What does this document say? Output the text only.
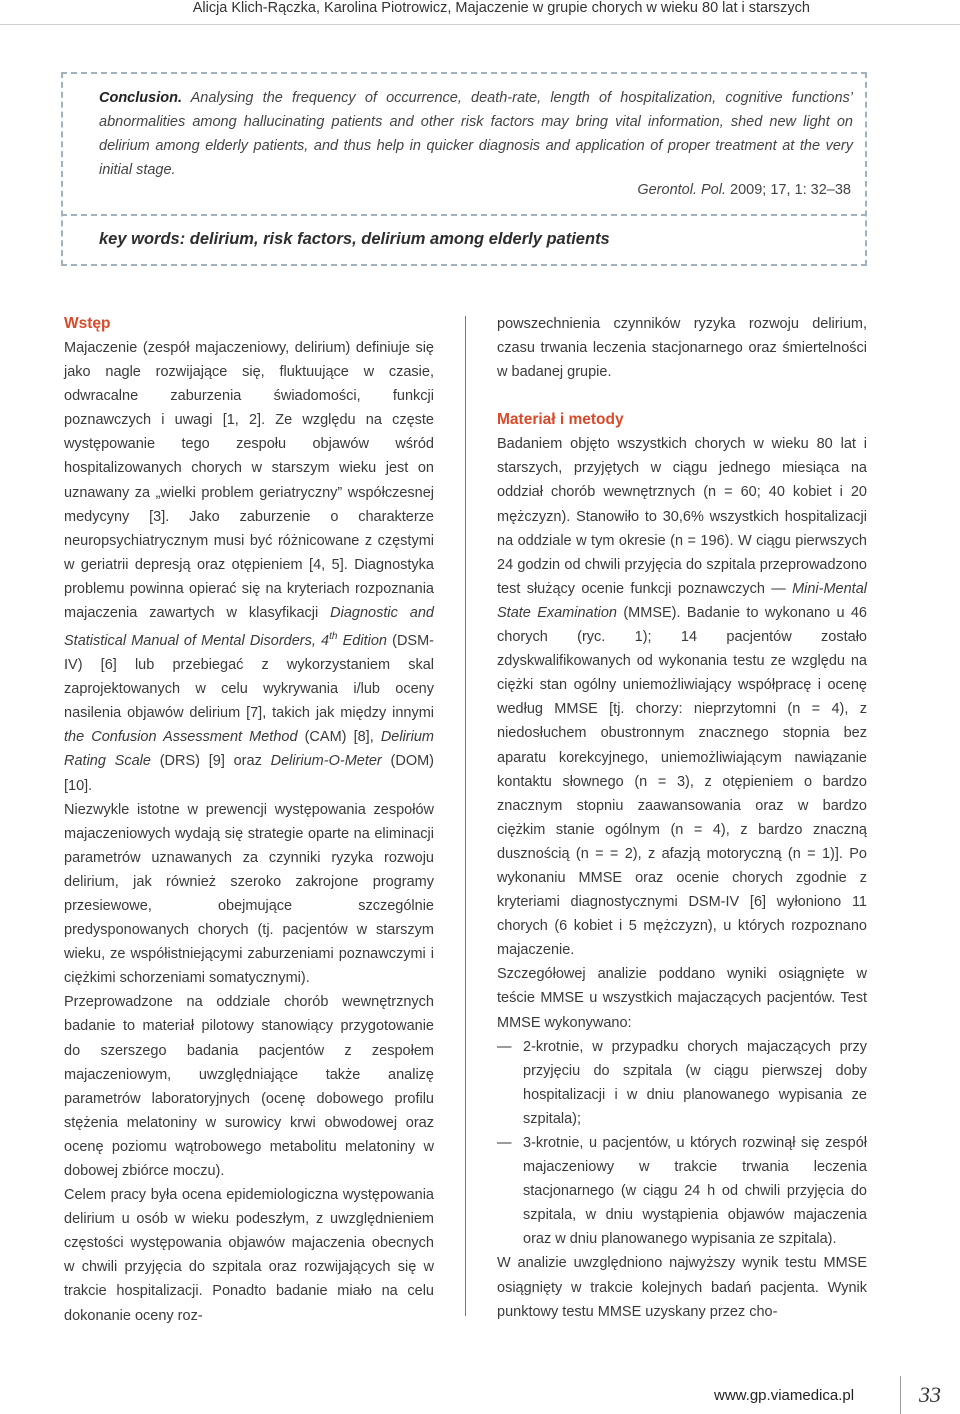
Alicja Klich-Rączka, Karolina Piotrowicz, Majaczenie w grupie chorych w wieku 80 lat i starszych
Conclusion. Analysing the frequency of occurrence, death-rate, length of hospitalization, cognitive functions’ abnormalities among hallucinating patients and other risk factors may bring vital information, shed new light on delirium among elderly patients, and thus help in quicker diagnosis and application of proper treatment at the very initial stage.
Gerontol. Pol. 2009; 17, 1: 32–38
key words: delirium, risk factors, delirium among elderly patients
Wstęp

Majaczenie (zespół majaczeniowy, delirium) definiuje się jako nagle rozwijające się, fluktuujące w czasie, odwracalne zaburzenia świadomości, funkcji poznawczych i uwagi [1, 2]. Ze względu na częste występowanie tego zespołu objawów wśród hospitalizowanych chorych w starszym wieku jest on uznawany za „wielki problem geriatryczny” współczesnej medycyny [3]. Jako zaburzenie o charakterze neuropsychiatrycznym musi być różnicowane z częstymi w geriatrii depresją oraz otępieniem [4, 5]. Diagnostyka problemu powinna opierać się na kryteriach rozpoznania majaczenia zawartych w klasyfikacji Diagnostic and Statistical Manual of Mental Disorders, 4th Edition (DSM-IV) [6] lub przebiegać z wykorzystaniem skal zaprojektowanych w celu wykrywania i/lub oceny nasilenia objawów delirium [7], takich jak między innymi the Confusion Assessment Method (CAM) [8], Delirium Rating Scale (DRS) [9] oraz Delirium-O-Meter (DOM) [10].

Niezwykle istotne w prewencji występowania zespołów majaczeniowych wydają się strategie oparte na eliminacji parametrów uznawanych za czynniki ryzyka rozwoju delirium, jak również szeroko zakrojone programy przesiewowe, obejmujące szczególnie predysponowanych chorych (tj. pacjentów w starszym wieku, ze współistniejącymi zaburzeniami poznawczymi i ciężkimi schorzeniami somatycznymi).

Przeprowadzone na oddziale chorób wewnętrznych badanie to materiał pilotowy stanowiący przygotowanie do szerszego badania pacjentów z zespołem majaczeniowym, uwzględniające także analizę parametrów laboratoryjnych (ocenę dobowego profilu stężenia melatoniny w surowicy krwi obwodowej oraz ocenę poziomu wątrobowego metabolitu melatoniny w dobowej zbiórce moczu).

Celem pracy była ocena epidemiologiczna występowania delirium u osób w wieku podeszłym, z uwzględnieniem częstości występowania objawów majaczenia obecnych w chwili przyjęcia do szpitala oraz rozwijających się w trakcie hospitalizacji. Ponadto badanie miało na celu dokonanie oceny roz-

powszechnienia czynników ryzyka rozwoju delirium, czasu trwania leczenia stacjonarnego oraz śmiertelności w badanej grupie.

Materiał i metody

Badaniem objęto wszystkich chorych w wieku 80 lat i starszych, przyjętych w ciągu jednego miesiąca na oddział chorób wewnętrznych (n = 60; 40 kobiet i 20 mężczyzn). Stanowiło to 30,6% wszystkich hospitalizacji na oddziale w tym okresie (n = 196). W ciągu pierwszych 24 godzin od chwili przyjęcia do szpitala przeprowadzono test służący ocenie funkcji poznawczych — Mini-Mental State Examination (MMSE). Badanie to wykonano u 46 chorych (ryc. 1); 14 pacjentów zostało zdyskwalifikowanych od wykonania testu ze względu na ciężki stan ogólny uniemożliwiający współpracę i ocenę według MMSE [tj. chorzy: nieprzytomni (n = 4), z niedosłuchem obustronnym znacznego stopnia bez aparatu korekcyjnego, uniemożliwiającym nawiązanie kontaktu słownego (n = 3), z otępieniem o bardzo znacznym stopniu zaawansowania oraz w bardzo ciężkim stanie ogólnym (n = 4), z bardzo znaczną dusznością (n = = 2), z afazją motoryczną (n = 1)]. Po wykonaniu MMSE oraz ocenie chorych zgodnie z kryteriami diagnostycznymi DSM-IV [6] wyłoniono 11 chorych (6 kobiet i 5 mężczyzn), u których rozpoznano majaczenie.

Szczegółowej analizie poddano wyniki osiągnięte w teście MMSE u wszystkich majaczących pacjentów. Test MMSE wykonywano:

— 2-krotnie, w przypadku chorych majaczących przy przyjęciu do szpitala (w ciągu pierwszej doby hospitalizacji i w dniu planowanego wypisania ze szpitala);
— 3-krotnie, u pacjentów, u których rozwinął się zespół majaczeniowy w trakcie trwania leczenia stacjonarnego (w ciągu 24 h od chwili przyjęcia do szpitala, w dniu wystąpienia objawów majaczenia oraz w dniu planowanego wypisania ze szpitala).

W analizie uwzględniono najwyższy wynik testu MMSE osiągnięty w trakcie kolejnych badań pacjenta. Wynik punktowy testu MMSE uzyskany przez cho-

www.gp.viamedica.pl	33
